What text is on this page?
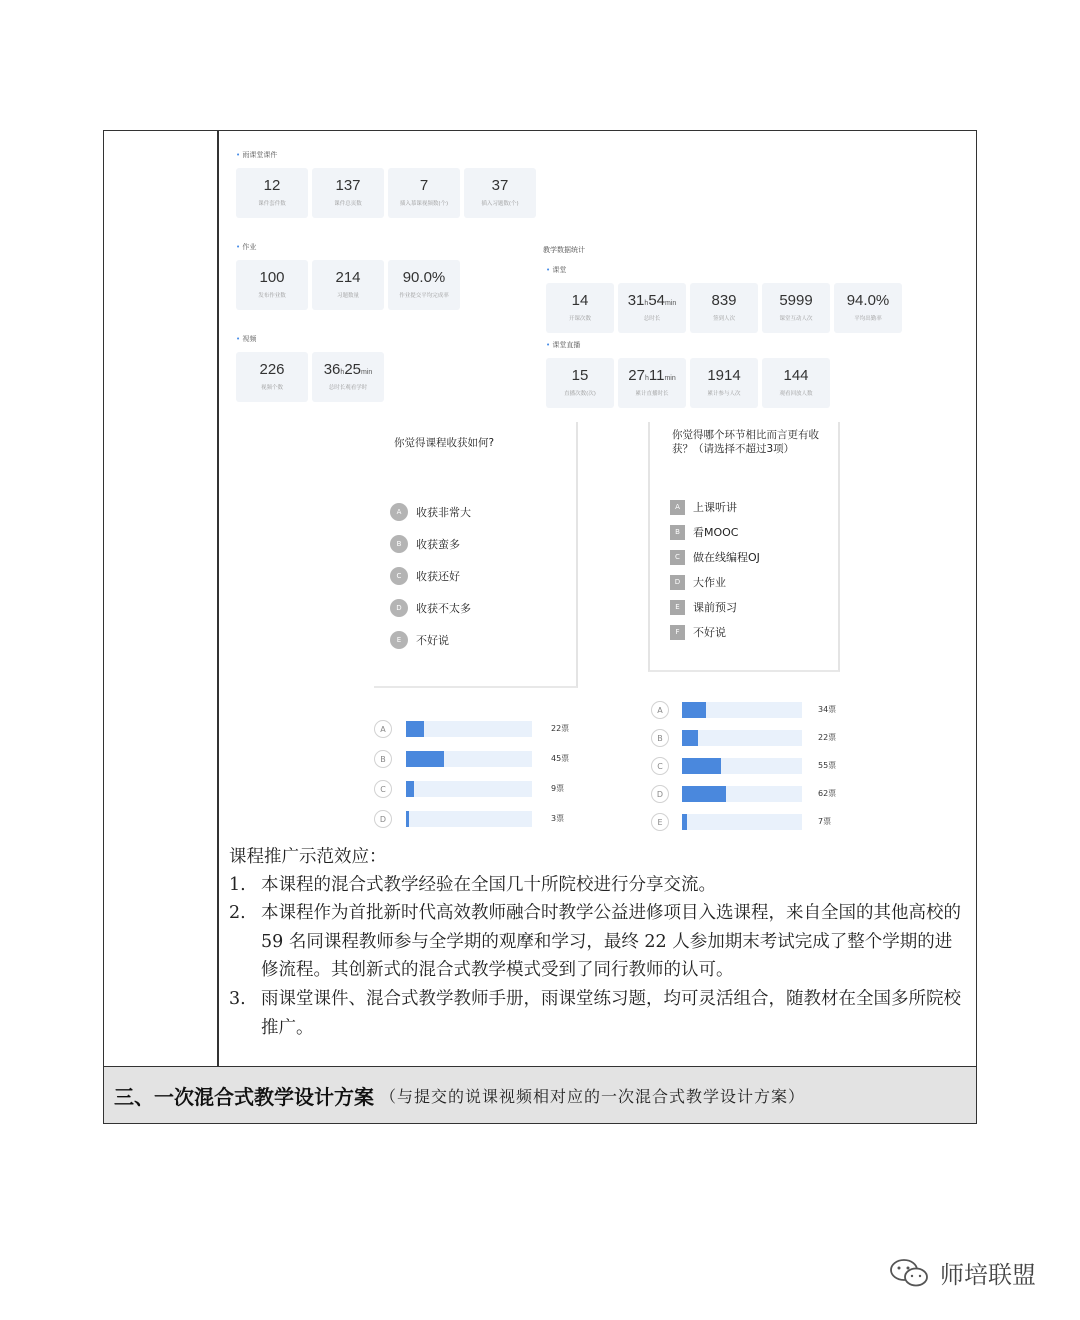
• 雨课堂课件
12
课件套件数
137
课件总页数
7
插入慕课视频数(个)
37
插入习题数(个)
• 作业
100
发布作业数
214
习题数量
90.0%
作业提交平均完成率
• 视频
226
视频个数
36h25min
总时长观看学时
教学数据统计
• 课堂
14
开课次数
31h54min
总时长
839
签到人次
5999
课堂互动人次
94.0%
平均出勤率
• 课堂直播
15
直播次数(次)
27h11min
累计直播时长
1914
累计参与人次
144
观看回放人数
你觉得课程收获如何?
A	收获非常大
B	收获蛮多
C	收获还好
D	收获不太多
E	不好说
A	22票
B	45票
C	9票
D	3票
你觉得哪个环节相比而言更有收获？（请选择不超过3项）
A	上课听讲
B	看MOOC
C	做在线编程OJ
D	大作业
E	课前预习
F	不好说
A	34票
B	22票
C	55票
D	62票
E	7票
课程推广示范效应：
1. 本课程的混合式教学经验在全国几十所院校进行分享交流。
2. 本课程作为首批新时代高效教师融合时教学公益进修项目入选课程，来自全国的其他高校的 59 名同课程教师参与全学期的观摩和学习，最终 22 人参加期末考试完成了整个学期的进修流程。其创新式的混合式教学模式受到了同行教师的认可。
3. 雨课堂课件、混合式教学教师手册，雨课堂练习题，均可灵活组合，随教材在全国多所院校推广。
三、一次混合式教学设计方案 （与提交的说课视频相对应的一次混合式教学设计方案）
师培联盟
